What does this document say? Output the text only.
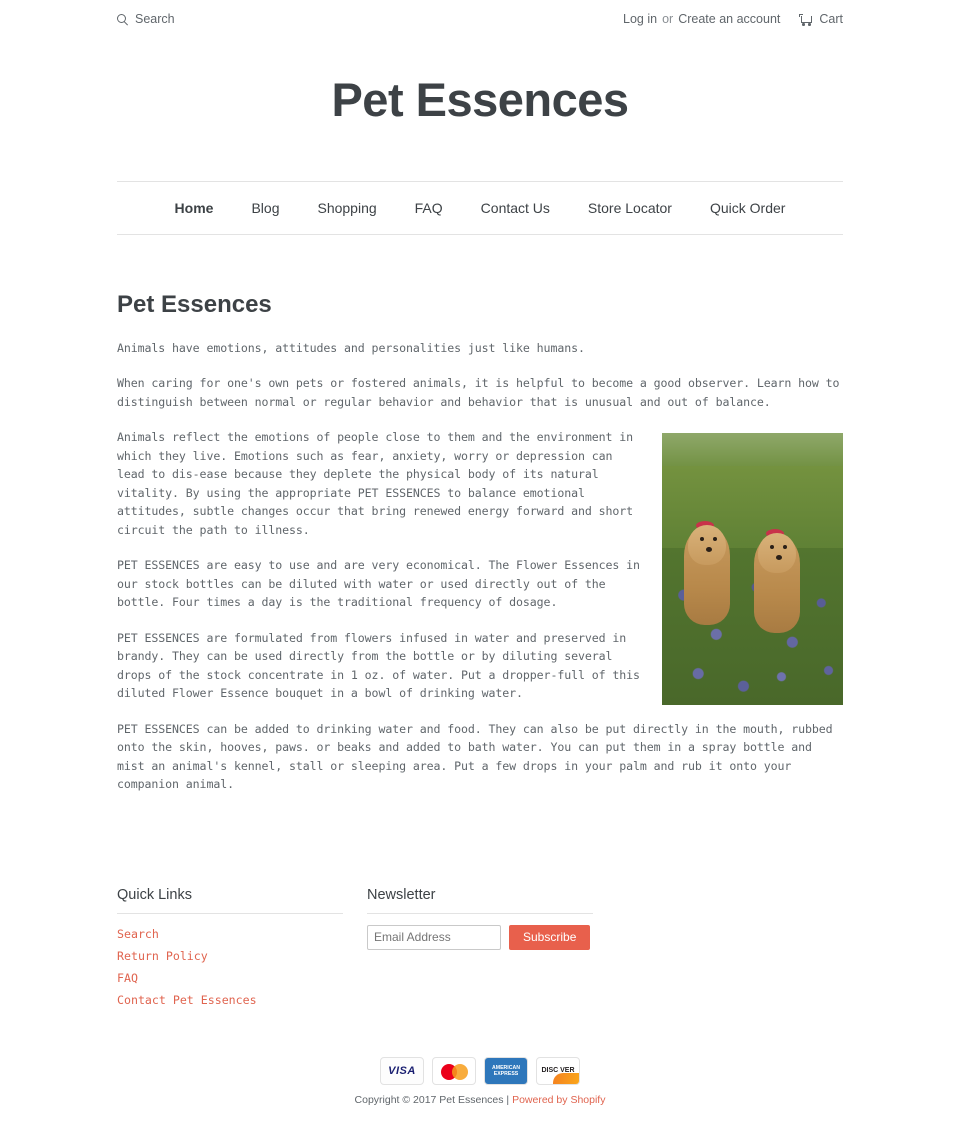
Search	Log in or Create an account	Cart
Pet Essences
Home	Blog	Shopping	FAQ	Contact Us	Store Locator	Quick Order
Pet Essences

Animals have emotions, attitudes and personalities just like humans.

When caring for one's own pets or fostered animals, it is helpful to become a good observer. Learn how to distinguish between normal or regular behavior and behavior that is unusual and out of balance.

Animals reflect the emotions of people close to them and the environment in which they live. Emotions such as fear, anxiety, worry or depression can lead to dis-ease because they deplete the physical body of its natural vitality. By using the appropriate PET ESSENCES to balance emotional attitudes, subtle changes occur that bring renewed energy forward and short circuit the path to illness.

PET ESSENCES are easy to use and are very economical. The Flower Essences in our stock bottles can be diluted with water or used directly out of the bottle. Four times a day is the traditional frequency of dosage.

PET ESSENCES are formulated from flowers infused in water and preserved in brandy. They can be used directly from the bottle or by diluting several drops of the stock concentrate in 1 oz. of water. Put a dropper-full of this diluted Flower Essence bouquet in a bowl of drinking water.

PET ESSENCES can be added to drinking water and food. They can also be put directly in the mouth, rubbed onto the skin, hooves, paws. or beaks and added to bath water. You can put them in a spray bottle and mist an animal's kennel, stall or sleeping area. Put a few drops in your palm and rub it onto your companion animal.

Quick Links
Search
Return Policy
FAQ
Contact Pet Essences
Newsletter
Email Address
Subscribe
VISA	AMERICAN EXPRESS	DISC VER
Copyright © 2017 Pet Essences | Powered by Shopify
